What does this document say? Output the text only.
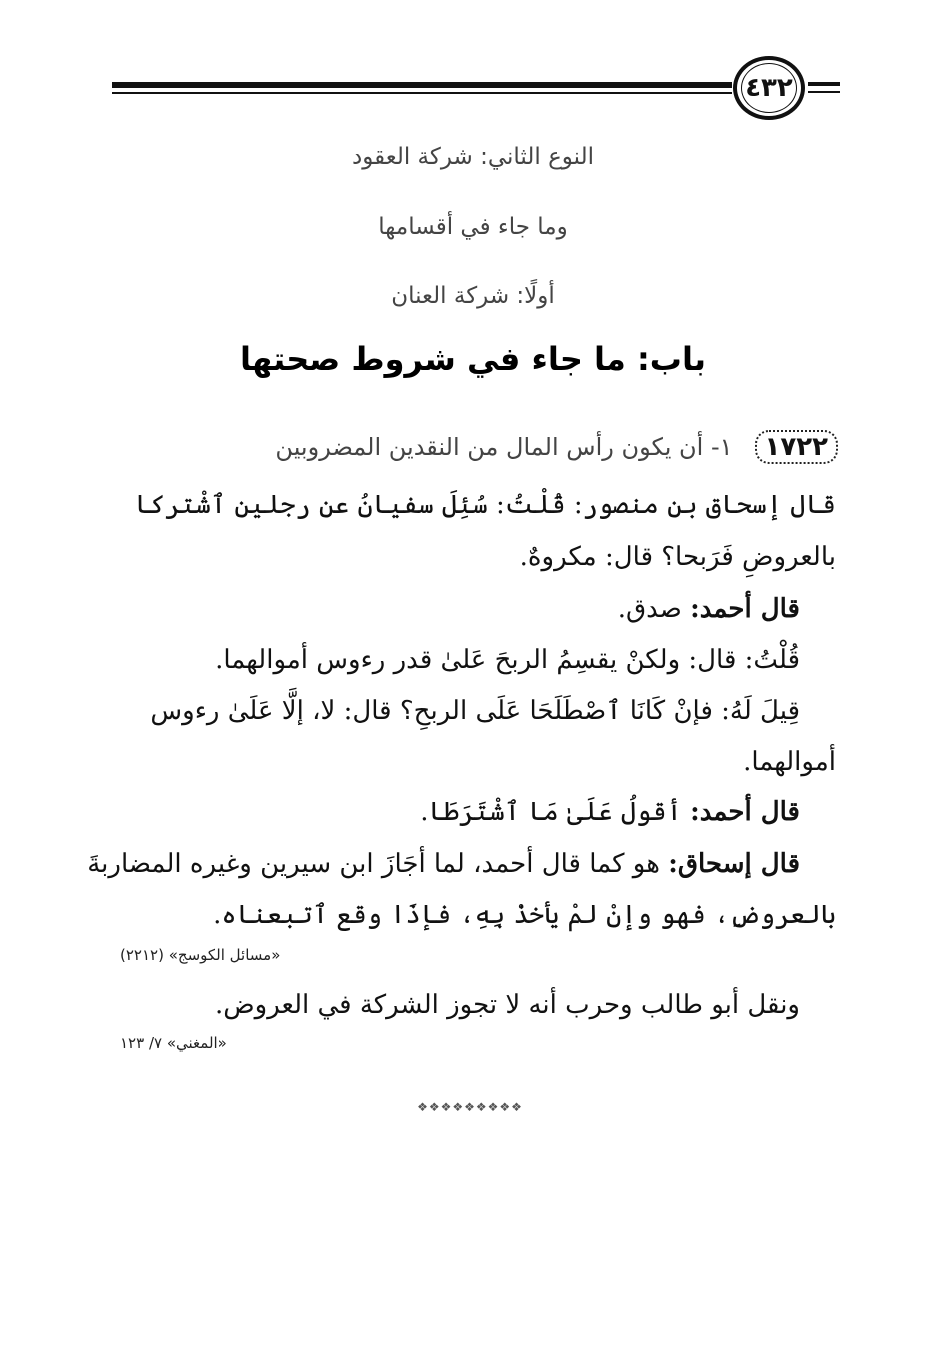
٤٣٢
النوع الثاني: شركة العقود
وما جاء في أقسامها
أولًا: شركة العنان
باب: ما جاء في شروط صحتها
١٧٢٢
١- أن يكون رأس المال من النقدين المضروبين
قال إسحاق بن منصور: قُلْتُ: سُئِلَ سفيانُ عن رجلين ٱشْتركا
بالعروضِ فَرَبحا؟ قال: مكروهٌ.
قال أحمد: صدق.
قُلْتُ: قال: ولكنْ يقسِمُ الربحَ عَلىٰ قدر رءوس أموالهما.
قِيلَ لَهُ: فإنْ كَانَا ٱصْطَلَحَا عَلَى الربحِ؟ قال: لا، إلَّا عَلَىٰ رءوس
أموالهما.
قال أحمد: أقولُ عَلَىٰ مَا ٱشْتَرَطَا.
قال إسحاق: هو كما قال أحمد، لما أجَازَ ابن سيرين وغيره المضاربةَ
بالعروضِ، فهو وإنْ لمْ يأخذْ بِهِ، فإذَا وقع ٱتبعناه.
«مسائل الكوسج» (٢٢١٢)
ونقل أبو طالب وحرب أنه لا تجوز الشركة في العروض.
«المغني» ٧/ ١٢٣
❖❖❖❖❖❖❖❖❖
